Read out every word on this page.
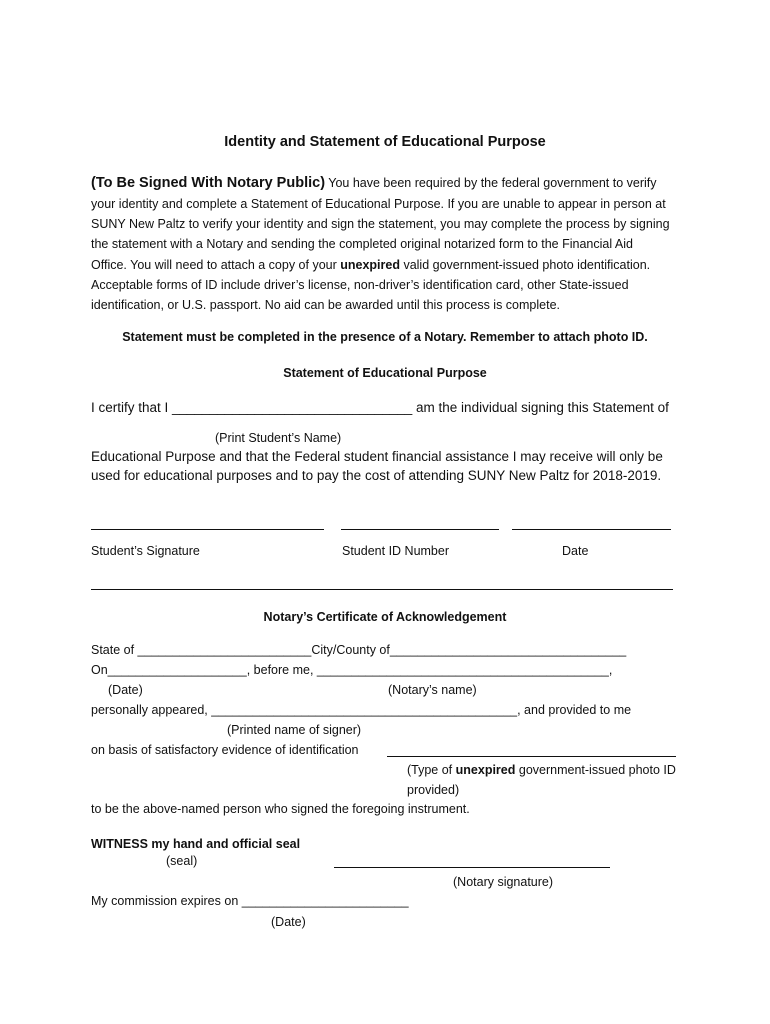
Identity and Statement of Educational Purpose
(To Be Signed With Notary Public) You have been required by the federal government to verify
your identity and complete a Statement of Educational Purpose. If you are unable to appear in person at
SUNY New Paltz to verify your identity and sign the statement, you may complete the process by signing
the statement with a Notary and sending the completed original notarized form to the Financial Aid
Office. You will need to attach a copy of your unexpired valid government-issued photo identification.
Acceptable forms of ID include driver’s license, non-driver’s identification card, other State-issued
identification, or U.S. passport. No aid can be awarded until this process is complete.
Statement must be completed in the presence of a Notary. Remember to attach photo ID.
Statement of Educational Purpose
I certify that I ________________________________ am the individual signing this Statement of
(Print Student’s Name)
Educational Purpose and that the Federal student financial assistance I may receive will only be
used for educational purposes and to pay the cost of attending SUNY New Paltz for 2018-2019.
Student’s Signature	Student ID Number	Date
Notary’s Certificate of Acknowledgement
State of _________________________City/County of__________________________________
On____________________, before me, __________________________________________,
(Date)	(Notary’s name)
personally appeared, ____________________________________________, and provided to me
(Printed name of signer)
on basis of satisfactory evidence of identification
(Type of unexpired government-issued photo ID
provided)
to be the above-named person who signed the foregoing instrument.
WITNESS my hand and official seal
(seal)
(Notary signature)
My commission expires on ________________________
(Date)
